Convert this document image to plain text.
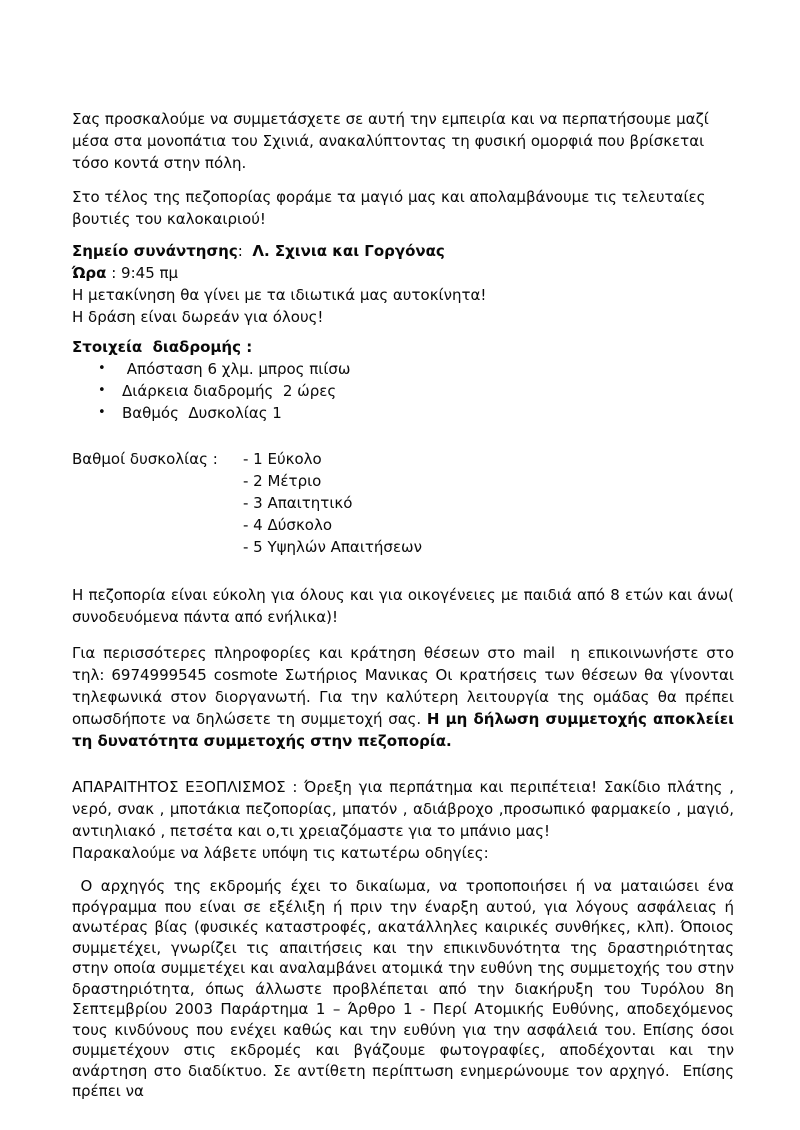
Σας προσκαλούμε να συμμετάσχετε σε αυτή την εμπειρία και να περπατήσουμε μαζί μέσα στα μονοπάτια του Σχινιά, ανακαλύπτοντας τη φυσική ομορφιά που βρίσκεται τόσο κοντά στην πόλη.

Στο τέλος της πεζοπορίας φοράμε τα μαγιό μας και απολαμβάνουμε τις τελευταίες βουτιές του καλοκαιριού!

Σημείο συνάντησης:  Λ. Σχινια και Γοργόνας

Ώρα : 9:45 πμ

Η μετακίνηση θα γίνει με τα ιδιωτικά μας αυτοκίνητα!

Η δράση είναι δωρεάν για όλους!

Στοιχεία  διαδρομής :

•  Απόσταση 6 χλμ. μπρος πιίσω
• Διάρκεια διαδρομής  2 ώρες
• Βαθμός  Δυσκολίας 1
Βαθμοί δυσκολίας :	- 1 Εύκολο

- 2 Μέτριο

- 3 Απαιτητικό

- 4 Δύσκολο

- 5 Υψηλών Απαιτήσεων

Η πεζοπορία είναι εύκολη για όλους και για οικογένειες με παιδιά από 8 ετών και άνω( συνοδευόμενα πάντα από ενήλικα)!

Για περισσότερες πληροφορίες και κράτηση θέσεων στο mail  η επικοινωνήστε στο τηλ: 6974999545 cosmote Σωτήριος Μανικας Οι κρατήσεις των θέσεων θα γίνονται τηλεφωνικά στον διοργανωτή. Για την καλύτερη λειτουργία της ομάδας θα πρέπει οπωσδήποτε να δηλώσετε τη συμμετοχή σας. Η μη δήλωση συμμετοχής αποκλείει τη δυνατότητα συμμετοχής στην πεζοπορία.

ΑΠΑΡΑΙΤΗΤΟΣ ΕΞΟΠΛΙΣΜΟΣ : Όρεξη για περπάτημα και περιπέτεια! Σακίδιο πλάτης , νερό, σνακ , μποτάκια πεζοπορίας, μπατόν , αδιάβροχο ,προσωπικό φαρμακείο , μαγιό, αντιηλιακό , πετσέτα και ο,τι χρειαζόμαστε για το μπάνιο μας!

Παρακαλούμε να λάβετε υπόψη τις κατωτέρω οδηγίες:

Ο αρχηγός της εκδρομής έχει το δικαίωμα, να τροποποιήσει ή να ματαιώσει ένα πρόγραμμα που είναι σε εξέλιξη ή πριν την έναρξη αυτού, για λόγους ασφάλειας ή ανωτέρας βίας (φυσικές καταστροφές, ακατάλληλες καιρικές συνθήκες, κλπ). Όποιος συμμετέχει, γνωρίζει τις απαιτήσεις και την επικινδυνότητα της δραστηριότητας στην οποία συμμετέχει και αναλαμβάνει ατομικά την ευθύνη της συμμετοχής του στην δραστηριότητα, όπως άλλωστε προβλέπεται από την διακήρυξη του Τυρόλου 8η Σεπτεμβρίου 2003 Παράρτημα 1 – Άρθρο 1 - Περί Ατομικής Ευθύνης, αποδεχόμενος τους κινδύνους που ενέχει καθώς και την ευθύνη για την ασφάλειά του. Επίσης όσοι συμμετέχουν στις εκδρομές και βγάζουμε φωτογραφίες, αποδέχονται και την ανάρτηση στο διαδίκτυο. Σε αντίθετη περίπτωση ενημερώνουμε τον αρχηγό.  Επίσης πρέπει να
